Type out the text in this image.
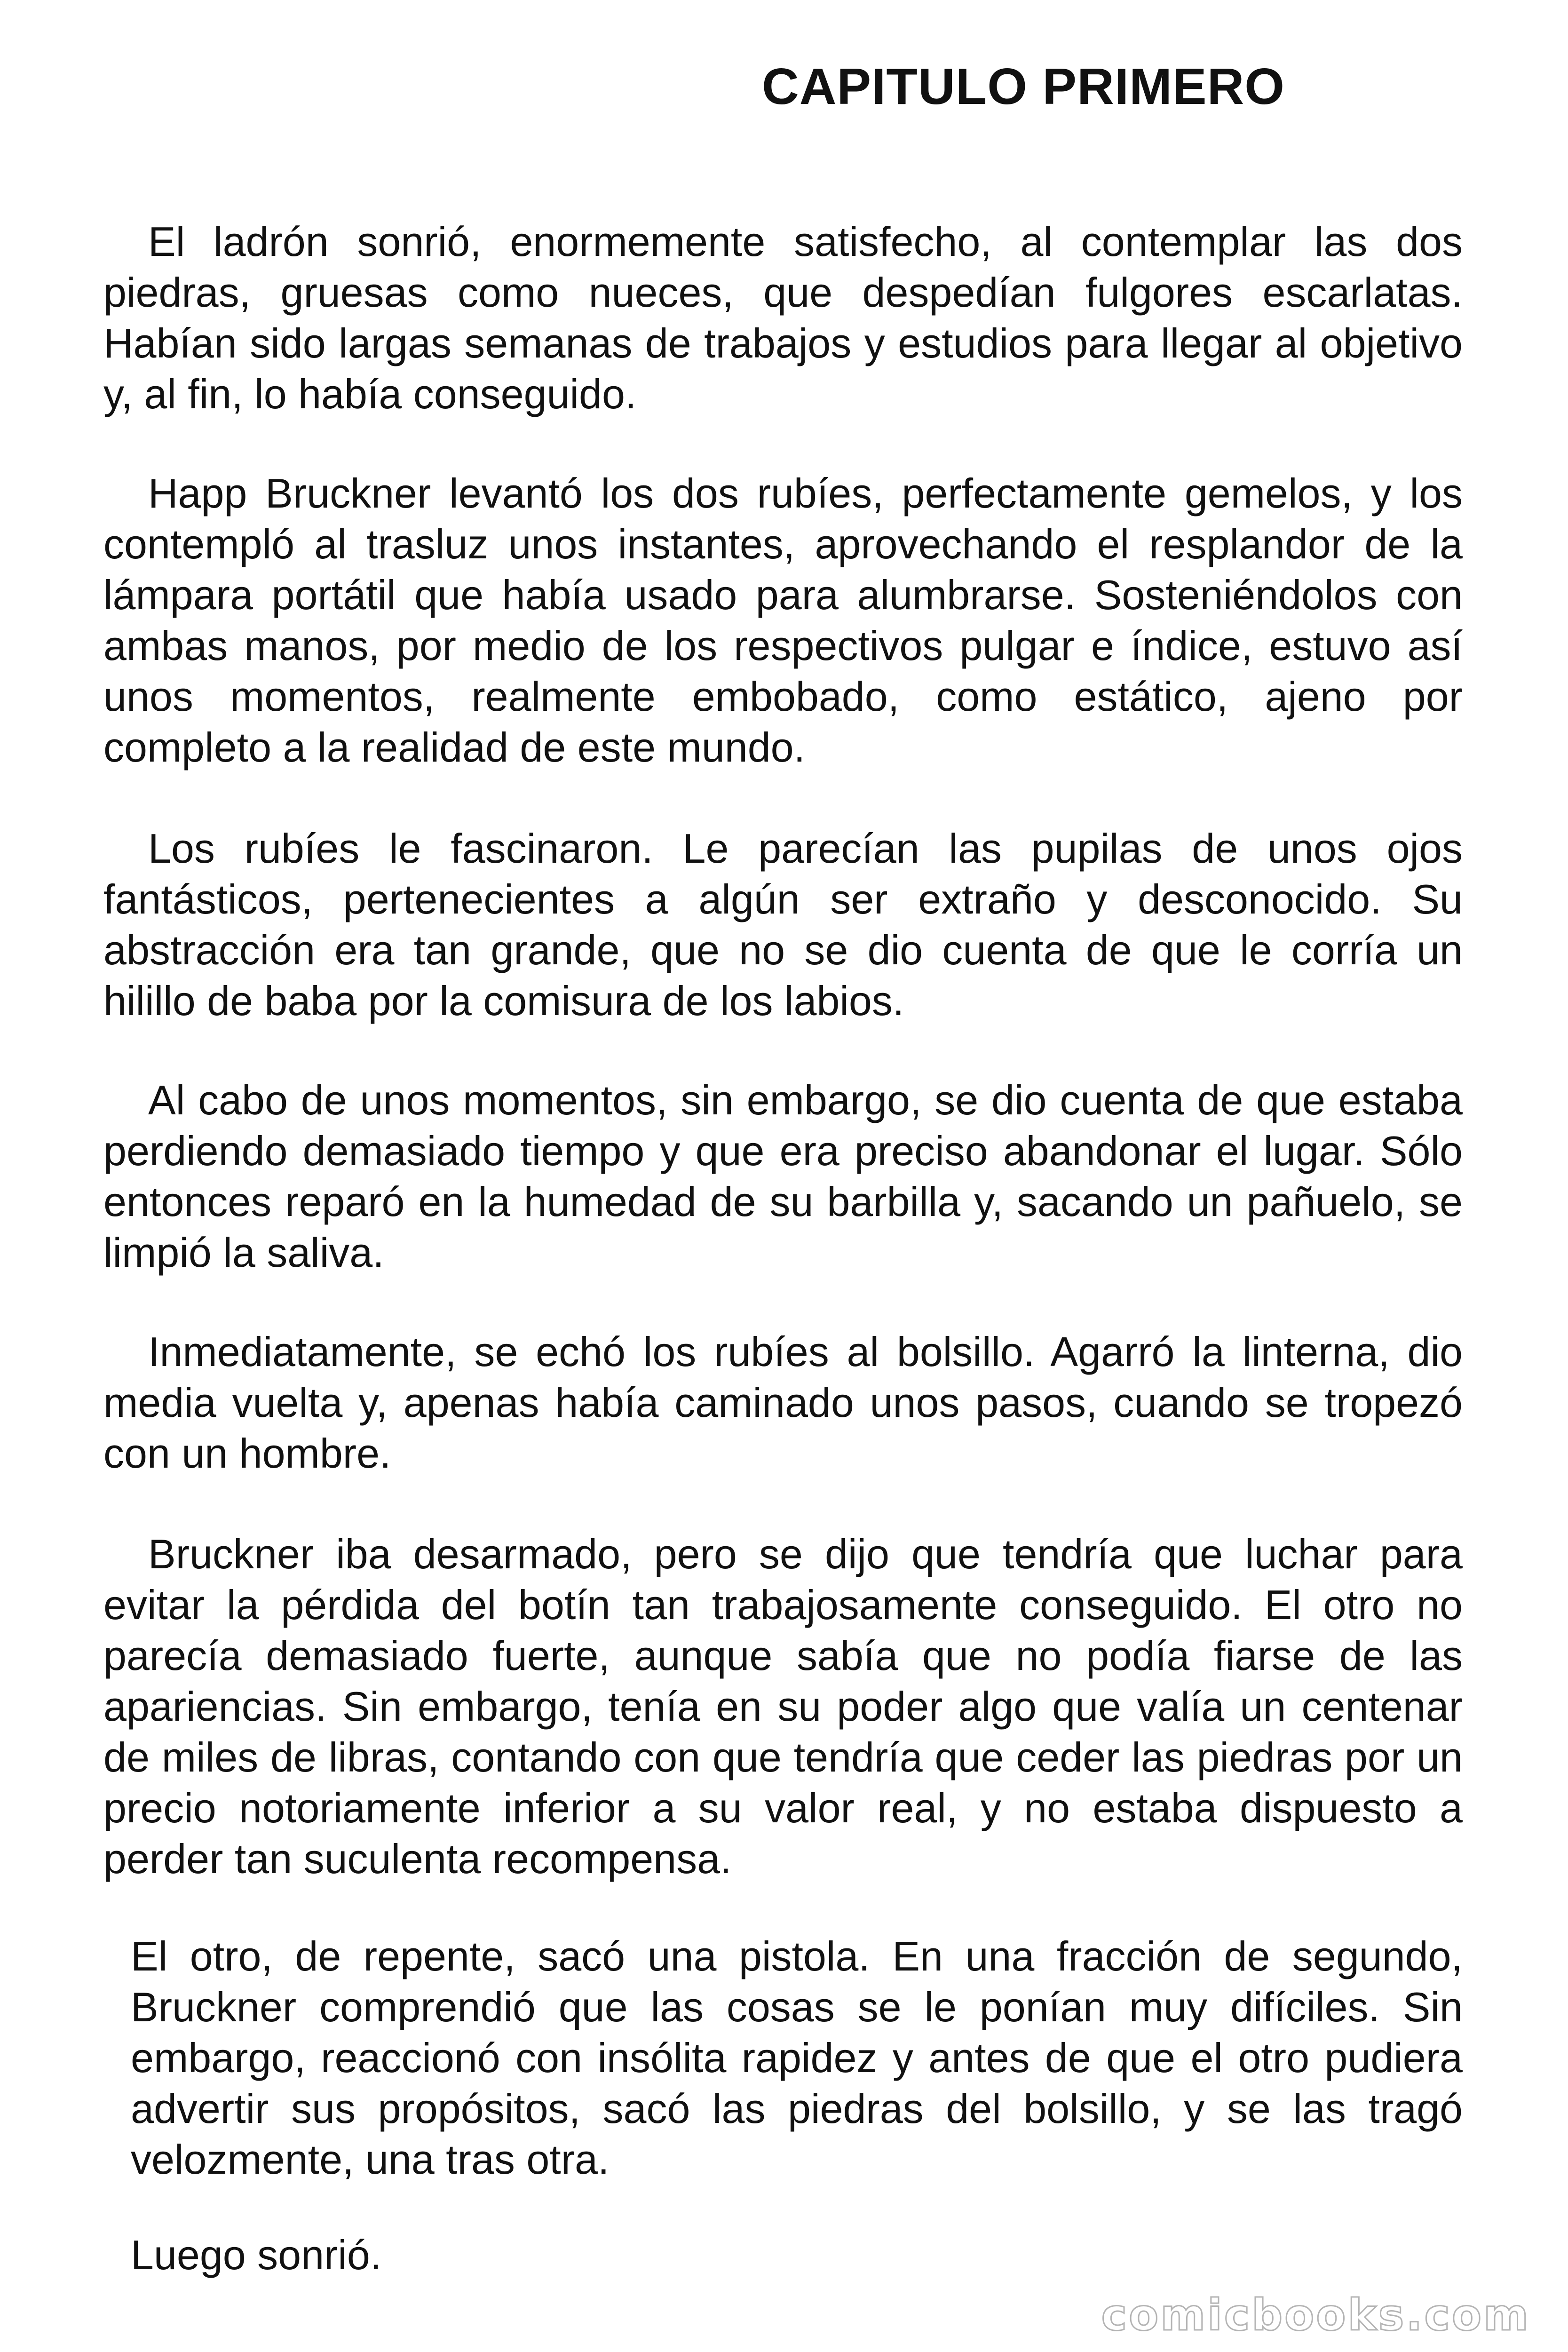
CAPITULO PRIMERO

El ladrón sonrió, enormemente satisfecho, al contemplar las dos piedras, gruesas como nueces, que despedían fulgores escarlatas. Habían sido largas semanas de trabajos y estudios para llegar al objetivo y, al fin, lo había conseguido.

Happ Bruckner levantó los dos rubíes, perfectamente gemelos, y los contempló al trasluz unos instantes, aprovechando el resplandor de la lámpara portátil que había usado para alumbrarse. Sosteniéndolos con ambas manos, por medio de los respectivos pulgar e índice, estuvo así unos momentos, realmente embobado, como estático, ajeno por completo a la realidad de este mundo.

Los rubíes le fascinaron. Le parecían las pupilas de unos ojos fantásticos, pertenecientes a algún ser extraño y desconocido. Su abstracción era tan grande, que no se dio cuenta de que le corría un hilillo de baba por la comisura de los labios.

Al cabo de unos momentos, sin embargo, se dio cuenta de que estaba perdiendo demasiado tiempo y que era preciso abandonar el lugar. Sólo entonces reparó en la humedad de su barbilla y, sacando un pañuelo, se limpió la saliva.

Inmediatamente, se echó los rubíes al bolsillo. Agarró la linterna, dio media vuelta y, apenas había caminado unos pasos, cuando se tropezó con un hombre.

Bruckner iba desarmado, pero se dijo que tendría que luchar para evitar la pérdida del botín tan trabajosamente conseguido. El otro no parecía demasiado fuerte, aunque sabía que no podía fiarse de las apariencias. Sin embargo, tenía en su poder algo que valía un centenar de miles de libras, contando con que tendría que ceder las piedras por un precio notoriamente inferior a su valor real, y no estaba dispuesto a perder tan suculenta recompensa.

El otro, de repente, sacó una pistola. En una fracción de segundo, Bruckner comprendió que las cosas se le ponían muy difíciles. Sin embargo, reaccionó con insólita rapidez y antes de que el otro pudiera advertir sus propósitos, sacó las piedras del bolsillo, y se las tragó velozmente, una tras otra.

Luego sonrió.

comicbooks.com
